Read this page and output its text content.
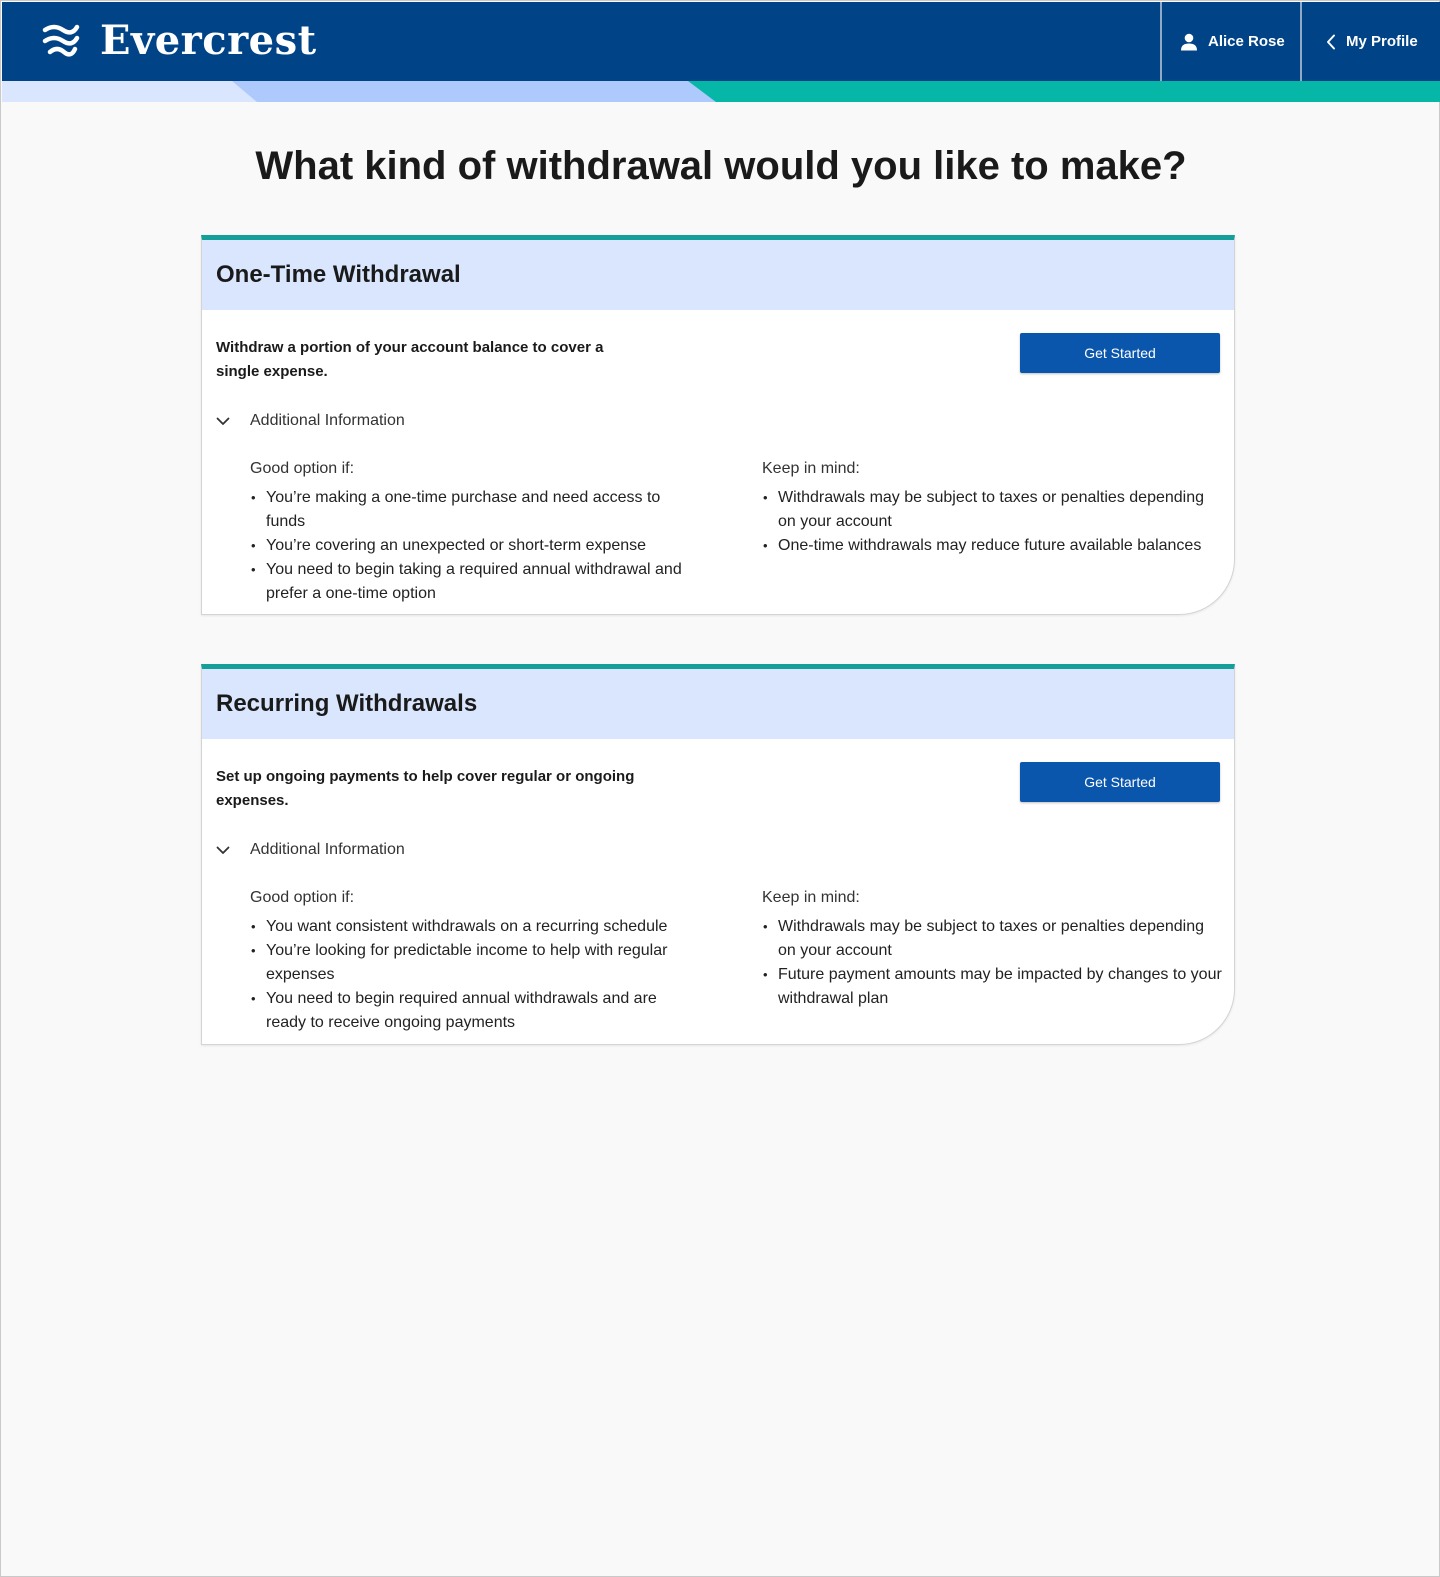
Evercrest	Alice Rose	My Profile
What kind of withdrawal would you like to make?
One-Time Withdrawal

Withdraw a portion of your account balance to cover a single expense.

Get Started
Additional Information
Good option if:
• You’re making a one-time purchase and need access to funds
• You’re covering an unexpected or short-term expense
• You need to begin taking a required annual withdrawal and prefer a one-time option
Keep in mind:
• Withdrawals may be subject to taxes or penalties depending on your account
• One-time withdrawals may reduce future available balances
Recurring Withdrawals

Set up ongoing payments to help cover regular or ongoing expenses.

Get Started
Additional Information
Good option if:
• You want consistent withdrawals on a recurring schedule
• You’re looking for predictable income to help with regular expenses
• You need to begin required annual withdrawals and are ready to receive ongoing payments
Keep in mind:
• Withdrawals may be subject to taxes or penalties depending on your account
• Future payment amounts may be impacted by changes to your withdrawal plan
